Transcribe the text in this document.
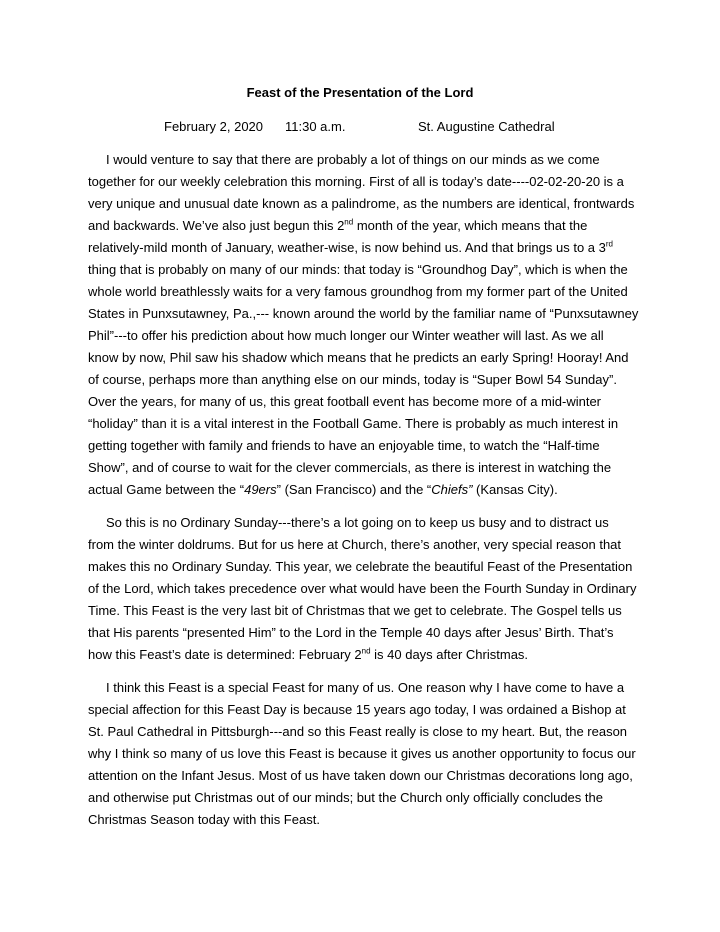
Feast of the Presentation of the Lord
February 2, 2020 11:30 a.m.	St. Augustine Cathedral
I would venture to say that there are probably a lot of things on our minds as we come
together for our weekly celebration this morning. First of all is today’s date----02-02-20-20 is a
very unique and unusual date known as a palindrome, as the numbers are identical, frontwards
and backwards. We’ve also just begun this 2nd month of the year, which means that the
relatively-mild month of January, weather-wise, is now behind us. And that brings us to a 3rd
thing that is probably on many of our minds: that today is “Groundhog Day”, which is when the
whole world breathlessly waits for a very famous groundhog from my former part of the United
States in Punxsutawney, Pa.,--- known around the world by the familiar name of “Punxsutawney
Phil”---to offer his prediction about how much longer our Winter weather will last. As we all
know by now, Phil saw his shadow which means that he predicts an early Spring! Hooray! And
of course, perhaps more than anything else on our minds, today is “Super Bowl 54 Sunday”.
Over the years, for many of us, this great football event has become more of a mid-winter
“holiday” than it is a vital interest in the Football Game. There is probably as much interest in
getting together with family and friends to have an enjoyable time, to watch the “Half-time
Show”, and of course to wait for the clever commercials, as there is interest in watching the
actual Game between the “49ers” (San Francisco) and the “Chiefs” (Kansas City).
So this is no Ordinary Sunday---there’s a lot going on to keep us busy and to distract us
from the winter doldrums. But for us here at Church, there’s another, very special reason that
makes this no Ordinary Sunday. This year, we celebrate the beautiful Feast of the Presentation
of the Lord, which takes precedence over what would have been the Fourth Sunday in Ordinary
Time. This Feast is the very last bit of Christmas that we get to celebrate. The Gospel tells us
that His parents “presented Him” to the Lord in the Temple 40 days after Jesus’ Birth. That’s
how this Feast’s date is determined: February 2nd is 40 days after Christmas.
I think this Feast is a special Feast for many of us. One reason why I have come to have a
special affection for this Feast Day is because 15 years ago today, I was ordained a Bishop at
St. Paul Cathedral in Pittsburgh---and so this Feast really is close to my heart. But, the reason
why I think so many of us love this Feast is because it gives us another opportunity to focus our
attention on the Infant Jesus. Most of us have taken down our Christmas decorations long ago,
and otherwise put Christmas out of our minds; but the Church only officially concludes the
Christmas Season today with this Feast.
